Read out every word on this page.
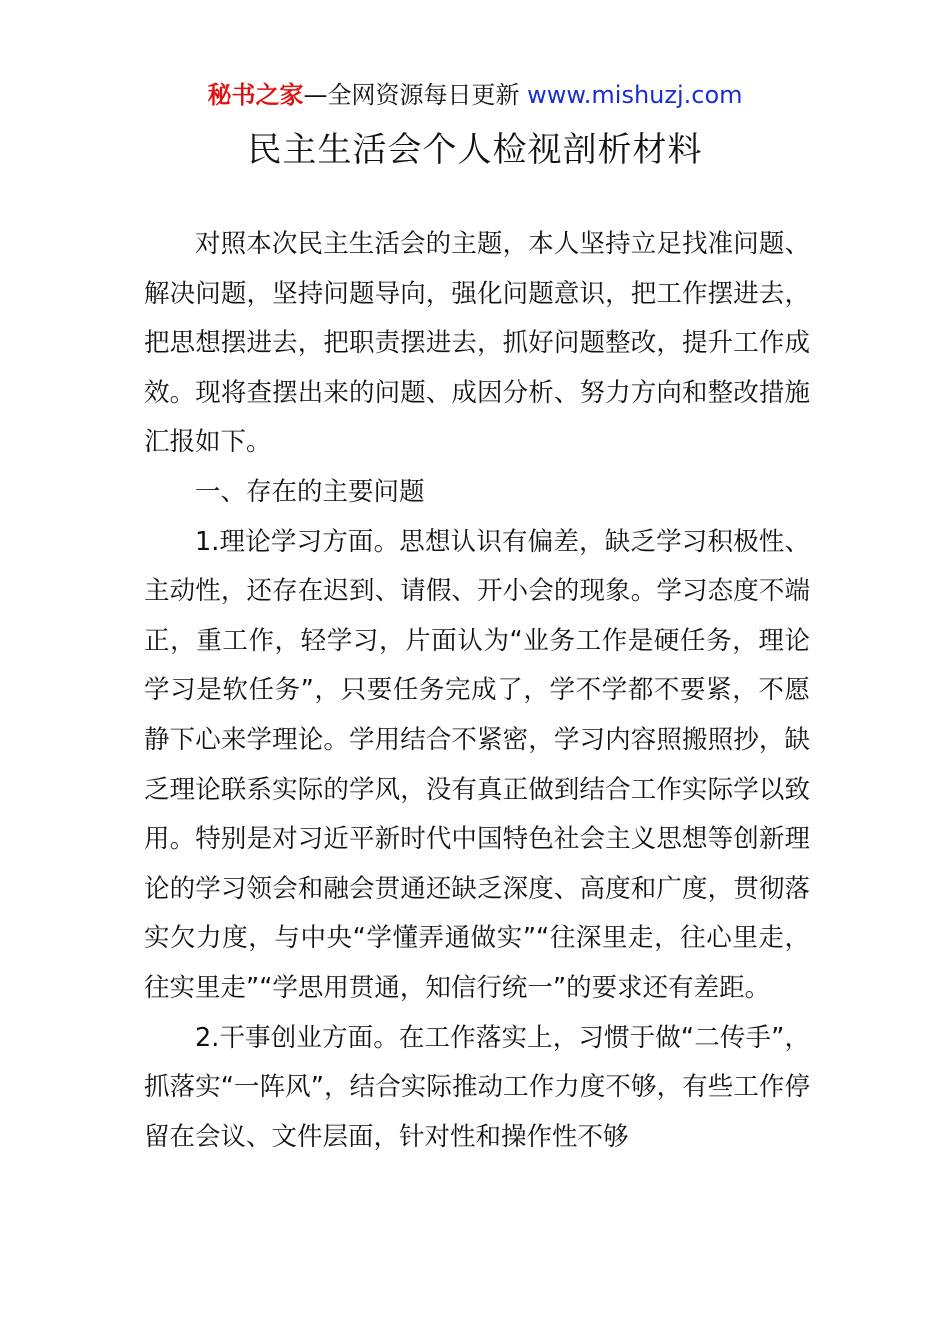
秘书之家—全网资源每日更新 www.mishuzj.com
民主生活会个人检视剖析材料

对照本次民主生活会的主题，本人坚持立足找准问题、解决问题，坚持问题导向，强化问题意识，把工作摆进去，把思想摆进去，把职责摆进去，抓好问题整改，提升工作成效。现将查摆出来的问题、成因分析、努力方向和整改措施汇报如下。

一、存在的主要问题

1.理论学习方面。思想认识有偏差，缺乏学习积极性、主动性，还存在迟到、请假、开小会的现象。学习态度不端正，重工作，轻学习，片面认为“业务工作是硬任务，理论学习是软任务”，只要任务完成了，学不学都不要紧，不愿静下心来学理论。学用结合不紧密，学习内容照搬照抄，缺乏理论联系实际的学风，没有真正做到结合工作实际学以致用。特别是对习近平新时代中国特色社会主义思想等创新理论的学习领会和融会贯通还缺乏深度、高度和广度，贯彻落实欠力度，与中央“学懂弄通做实”“往深里走，往心里走，往实里走”“学思用贯通，知信行统一”的要求还有差距。

2.干事创业方面。在工作落实上，习惯于做“二传手”，抓落实“一阵风”，结合实际推动工作力度不够，有些工作停留在会议、文件层面，针对性和操作性不够
